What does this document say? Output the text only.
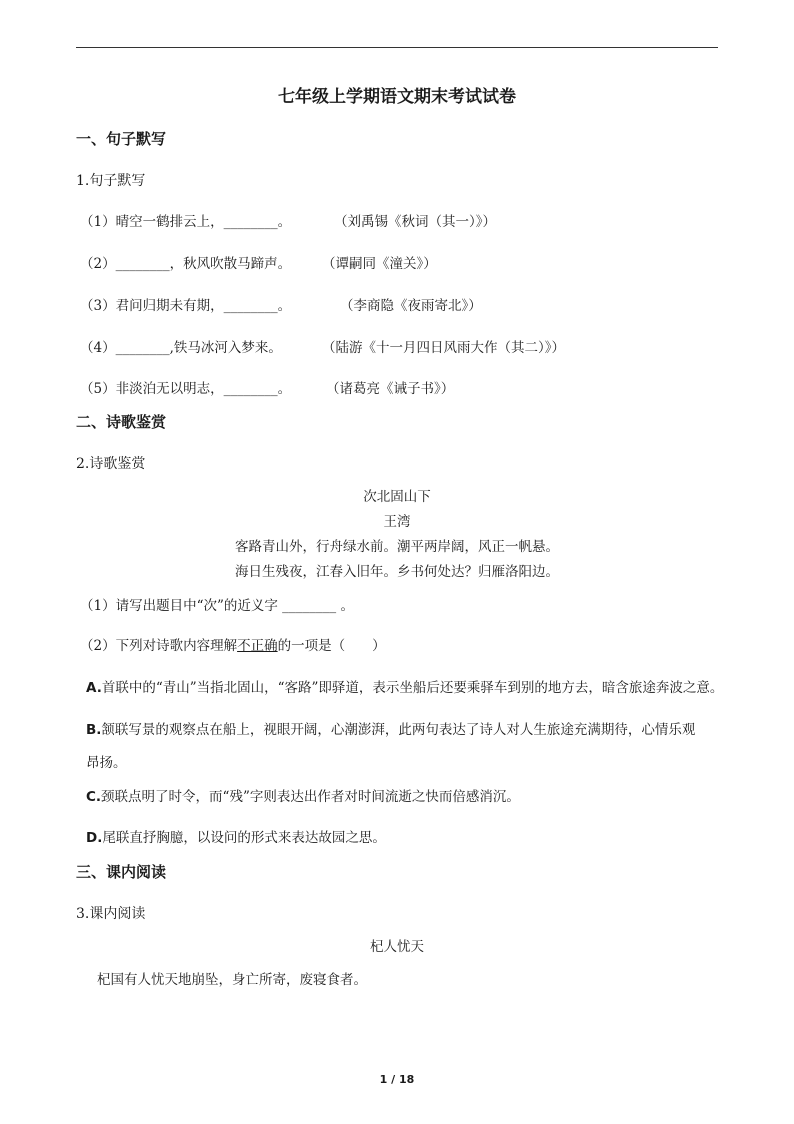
七年级上学期语文期末考试试卷
一、句子默写
1.句子默写
（1）晴空一鹤排云上，________。	（刘禹锡《秋词（其一）》）
（2）________，秋风吹散马蹄声。 （谭嗣同《潼关》）
（3）君问归期未有期，________。	（李商隐《夜雨寄北》）
（4）________,铁马冰河入梦来。	（陆游《十一月四日风雨大作（其二）》）
（5）非淡泊无以明志，________。	（诸葛亮《诫子书》）
二、诗歌鉴赏
2.诗歌鉴赏
次北固山下
王湾
客路青山外，行舟绿水前。潮平两岸阔，风正一帆悬。
海日生残夜，江春入旧年。乡书何处达？归雁洛阳边。
（1）请写出题目中“次”的近义字 ________ 。
（2）下列对诗歌内容理解不正确的一项是（　　）
A.首联中的“青山”当指北固山，“客路”即驿道，表示坐船后还要乘驿车到别的地方去，暗含旅途奔波之意。
B.颔联写景的观察点在船上，视眼开阔，心潮澎湃，此两句表达了诗人对人生旅途充满期待，心情乐观
昂扬。
C.颈联点明了时令，而“残”字则表达出作者对时间流逝之快而倍感消沉。
D.尾联直抒胸臆，以设问的形式来表达故园之思。
三、课内阅读
3.课内阅读
杞人忧天
杞国有人忧天地崩坠，身亡所寄，废寝食者。
1 / 18
